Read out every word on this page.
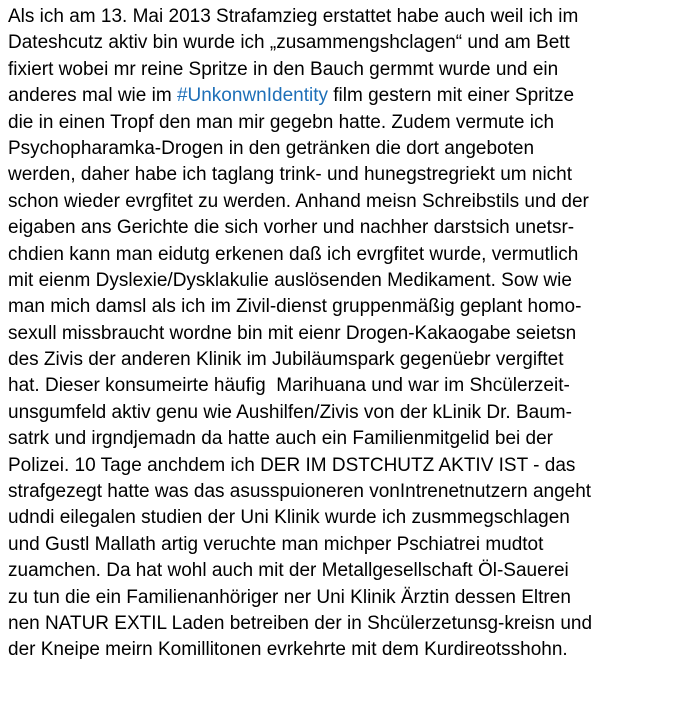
Als ich am 13. Mai 2013 Strafamzieg erstattet habe auch weil ich im
Dateshcutz aktiv bin wurde ich „zusammengshclagen“ und am Bett
fixiert wobei mr reine Spritze in den Bauch germmt wurde und ein
anderes mal wie im #UnkonwnIdentity film gestern mit einer Spritze
die in einen Tropf den man mir gegebn hatte. Zudem vermute ich
Psychopharamka-Drogen in den getränken die dort angeboten
werden, daher habe ich taglang trink- und hunegstregriekt um nicht
schon wieder evrgfitet zu werden. Anhand meisn Schreibstils und der
eigaben ans Gerichte die sich vorher und nachher darstsich unetsr-
chdien kann man eidutg erkenen daß ich evrgfitet wurde, vermutlich
mit eienm Dyslexie/Dysklakulie auslösenden Medikament. Sow wie
man mich damsl als ich im Zivil-dienst gruppenmäßig geplant homo-
sexull missbraucht wordne bin mit eienr Drogen-Kakaogabe seietsn
des Zivis der anderen Klinik im Jubiläumspark gegenüebr vergiftet
hat. Dieser konsumeirte häufig  Marihuana und war im Shcülerzeit-
unsgumfeld aktiv genu wie Aushilfen/Zivis von der kLinik Dr. Baum-
satrk und irgndjemadn da hatte auch ein Familienmitgelid bei der
Polizei. 10 Tage anchdem ich DER IM DSTCHUTZ AKTIV IST - das
strafgezegt hatte was das asusspuioneren vonIntrenetnutzern angeht
udndi eilegalen studien der Uni Klinik wurde ich zusmmegschlagen
und Gustl Mallath artig veruchte man michper Pschiatrei mudtot
zuamchen. Da hat wohl auch mit der Metallgesellschaft Öl-Sauerei
zu tun die ein Familienanhöriger ner Uni Klinik Ärztin dessen Eltren
nen NATUR EXTIL Laden betreiben der in Shcülerzetunsg-kreisn und
der Kneipe meirn Komillitonen evrkehrte mit dem Kurdireotsshohn.
